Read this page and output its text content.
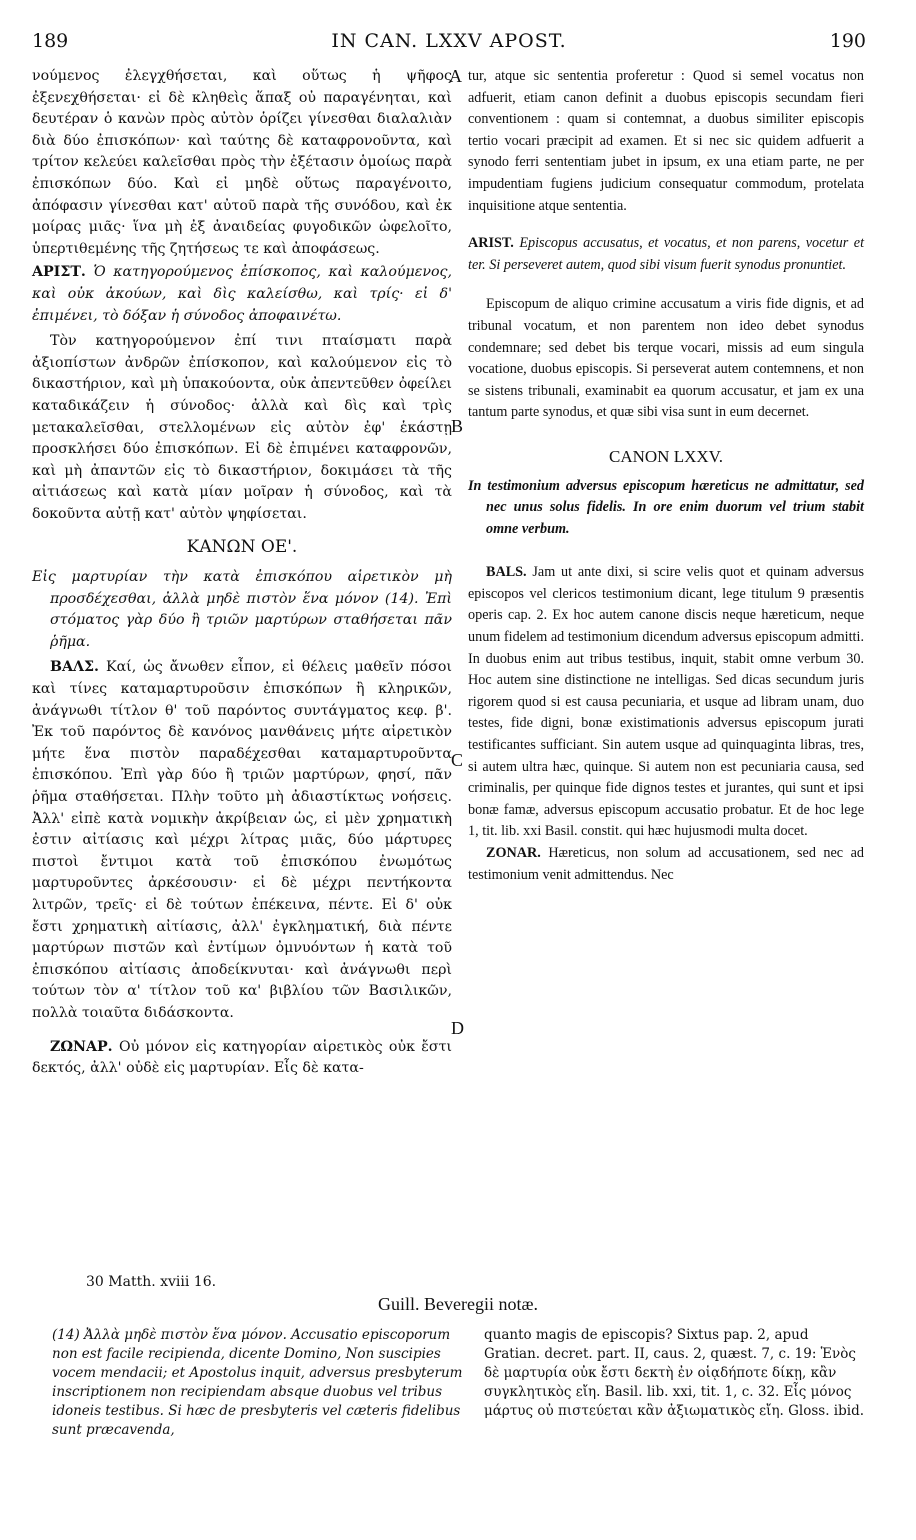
189	IN CAN. LXXV APOST.	190
A
B
C
D

νούμενος ἐλεγχθήσεται, καὶ οὕτως ἡ ψῆφος ἐξενεχθήσεται· εἰ δὲ κληθεὶς ἅπαξ οὐ παραγένηται, καὶ δευτέραν ὁ κανὼν πρὸς αὐτὸν ὁρίζει γίνεσθαι διαλαλιὰν διὰ δύο ἐπισκόπων· καὶ ταύτης δὲ καταφρονοῦντα, καὶ τρίτον κελεύει καλεῖσθαι πρὸς τὴν ἐξέτασιν ὁμοίως παρὰ ἐπισκόπων δύο. Καὶ εἰ μηδὲ οὕτως παραγένοιτο, ἀπόφασιν γίνεσθαι κατ' αὐτοῦ παρὰ τῆς συνόδου, καὶ ἐκ μοίρας μιᾶς· ἵνα μὴ ἐξ ἀναιδείας φυγοδικῶν ὠφελοῖτο, ὑπερτιθεμένης τῆς ζητήσεως τε καὶ ἀποφάσεως.

ΑΡΙΣΤ. Ὁ κατηγορούμενος ἐπίσκοπος, καὶ καλούμενος, καὶ οὐκ ἀκούων, καὶ δὶς καλείσθω, καὶ τρίς· εἰ δ' ἐπιμένει, τὸ δόξαν ἡ σύνοδος ἀποφαινέτω.

Τὸν κατηγορούμενον ἐπί τινι πταίσματι παρὰ ἀξιοπίστων ἀνδρῶν ἐπίσκοπον, καὶ καλούμενον εἰς τὸ δικαστήριον, καὶ μὴ ὑπακούοντα, οὐκ ἀπεντεῦθεν ὀφείλει καταδικάζειν ἡ σύνοδος· ἀλλὰ καὶ δὶς καὶ τρὶς μετακαλεῖσθαι, στελλομένων εἰς αὐτὸν ἐφ' ἑκάστῃ προσκλήσει δύο ἐπισκόπων. Εἰ δὲ ἐπιμένει καταφρονῶν, καὶ μὴ ἀπαντῶν εἰς τὸ δικαστήριον, δοκιμάσει τὰ τῆς αἰτιάσεως καὶ κατὰ μίαν μοῖραν ἡ σύνοδος, καὶ τὰ δοκοῦντα αὐτῇ κατ' αὐτὸν ψηφίσεται.

ΚΑΝΩΝ ΟΕ'.

Εἰς μαρτυρίαν τὴν κατὰ ἐπισκόπου αἱρετικὸν μὴ προσδέχεσθαι, ἀλλὰ μηδὲ πιστὸν ἕνα μόνον (14). Ἐπὶ στόματος γὰρ δύο ἢ τριῶν μαρτύρων σταθήσεται πᾶν ῥῆμα.

ΒΑΛΣ. Καί, ὡς ἄνωθεν εἶπον, εἰ θέλεις μαθεῖν πόσοι καὶ τίνες καταμαρτυροῦσιν ἐπισκόπων ἢ κληρικῶν, ἀνάγνωθι τίτλον θ' τοῦ παρόντος συντάγματος κεφ. β'. Ἐκ τοῦ παρόντος δὲ κανόνος μανθάνεις μήτε αἱρετικὸν μήτε ἕνα πιστὸν παραδέχεσθαι καταμαρτυροῦντα ἐπισκόπου. Ἐπὶ γὰρ δύο ἢ τριῶν μαρτύρων, φησί, πᾶν ῥῆμα σταθήσεται. Πλὴν τοῦτο μὴ ἀδιαστίκτως νοήσεις. Ἀλλ' εἰπὲ κατὰ νομικὴν ἀκρίβειαν ὡς, εἰ μὲν χρηματικὴ ἐστιν αἰτίασις καὶ μέχρι λίτρας μιᾶς, δύο μάρτυρες πιστοὶ ἔντιμοι κατὰ τοῦ ἐπισκόπου ἐνωμότως μαρτυροῦντες ἀρκέσουσιν· εἰ δὲ μέχρι πεντήκοντα λιτρῶν, τρεῖς· εἰ δὲ τούτων ἐπέκεινα, πέντε. Εἰ δ' οὐκ ἔστι χρηματικὴ αἰτίασις, ἀλλ' ἐγκληματική, διὰ πέντε μαρτύρων πιστῶν καὶ ἐντίμων ὀμνυόντων ἡ κατὰ τοῦ ἐπισκόπου αἰτίασις ἀποδείκνυται· καὶ ἀνάγνωθι περὶ τούτων τὸν α' τίτλον τοῦ κα' βιβλίου τῶν Βασιλικῶν, πολλὰ τοιαῦτα διδάσκοντα.

ΖΩΝΑΡ. Οὐ μόνον εἰς κατηγορίαν αἱρετικὸς οὐκ ἔστι δεκτός, ἀλλ' οὐδὲ εἰς μαρτυρίαν. Εἷς δὲ κατα-

tur, atque sic sententia proferetur : Quod si semel vocatus non adfuerit, etiam canon definit a duobus episcopis secundam fieri conventionem : quam si contemnat, a duobus similiter episcopis tertio vocari præcipit ad examen. Et si nec sic quidem adfuerit a synodo ferri sententiam jubet in ipsum, ex una etiam parte, ne per impudentiam fugiens judicium consequatur commodum, protelata inquisitione atque sententia.

ARIST. Episcopus accusatus, et vocatus, et non parens, vocetur et ter. Si perseveret autem, quod sibi visum fuerit synodus pronuntiet.

Episcopum de aliquo crimine accusatum a viris fide dignis, et ad tribunal vocatum, et non parentem non ideo debet synodus condemnare; sed debet bis terque vocari, missis ad eum singula vocatione, duobus episcopis. Si perseverat autem contemnens, et non se sistens tribunali, examinabit ea quorum accusatur, et jam ex una tantum parte synodus, et quæ sibi visa sunt in eum decernet.

CANON LXXV.

In testimonium adversus episcopum hæreticus ne admittatur, sed nec unus solus fidelis. In ore enim duorum vel trium stabit omne verbum.

BALS. Jam ut ante dixi, si scire velis quot et quinam adversus episcopos vel clericos testimonium dicant, lege titulum 9 præsentis operis cap. 2. Ex hoc autem canone discis neque hæreticum, neque unum fidelem ad testimonium dicendum adversus episcopum admitti. In duobus enim aut tribus testibus, inquit, stabit omne verbum 30. Hoc autem sine distinctione ne intelligas. Sed dicas secundum juris rigorem quod si est causa pecuniaria, et usque ad libram unam, duo testes, fide digni, bonæ existimationis adversus episcopum jurati testificantes sufficiant. Sin autem usque ad quinquaginta libras, tres, si autem ultra hæc, quinque. Si autem non est pecuniaria causa, sed criminalis, per quinque fide dignos testes et jurantes, qui sunt et ipsi bonæ famæ, adversus episcopum accusatio probatur. Et de hoc lege 1, tit. lib. xxi Basil. constit. qui hæc hujusmodi multa docet.

ZONAR. Hæreticus, non solum ad accusationem, sed nec ad testimonium venit admittendus. Nec

30 Matth. xviii 16.
Guill. Beveregii notæ.
(14) Ἀλλὰ μηδὲ πιστὸν ἕνα μόνον. Accusatio episcoporum non est facile recipienda, dicente Domino, Non suscipies vocem mendacii; et Apostolus inquit, adversus presbyterum inscriptionem non recipiendam absque duobus vel tribus idoneis testibus. Si hæc de presbyteris vel cæteris fidelibus sunt præcavenda,
quanto magis de episcopis? Sixtus pap. 2, apud Gratian. decret. part. II, caus. 2, quæst. 7, c. 19: Ἑνὸς δὲ μαρτυρία οὐκ ἔστι δεκτὴ ἐν οἱᾳδήποτε δίκῃ, κἂν συγκλητικὸς εἴη. Basil. lib. xxi, tit. 1, c. 32. Εἷς μόνος μάρτυς οὐ πιστεύεται κἂν ἀξιωματικὸς εἴη. Gloss. ibid.
